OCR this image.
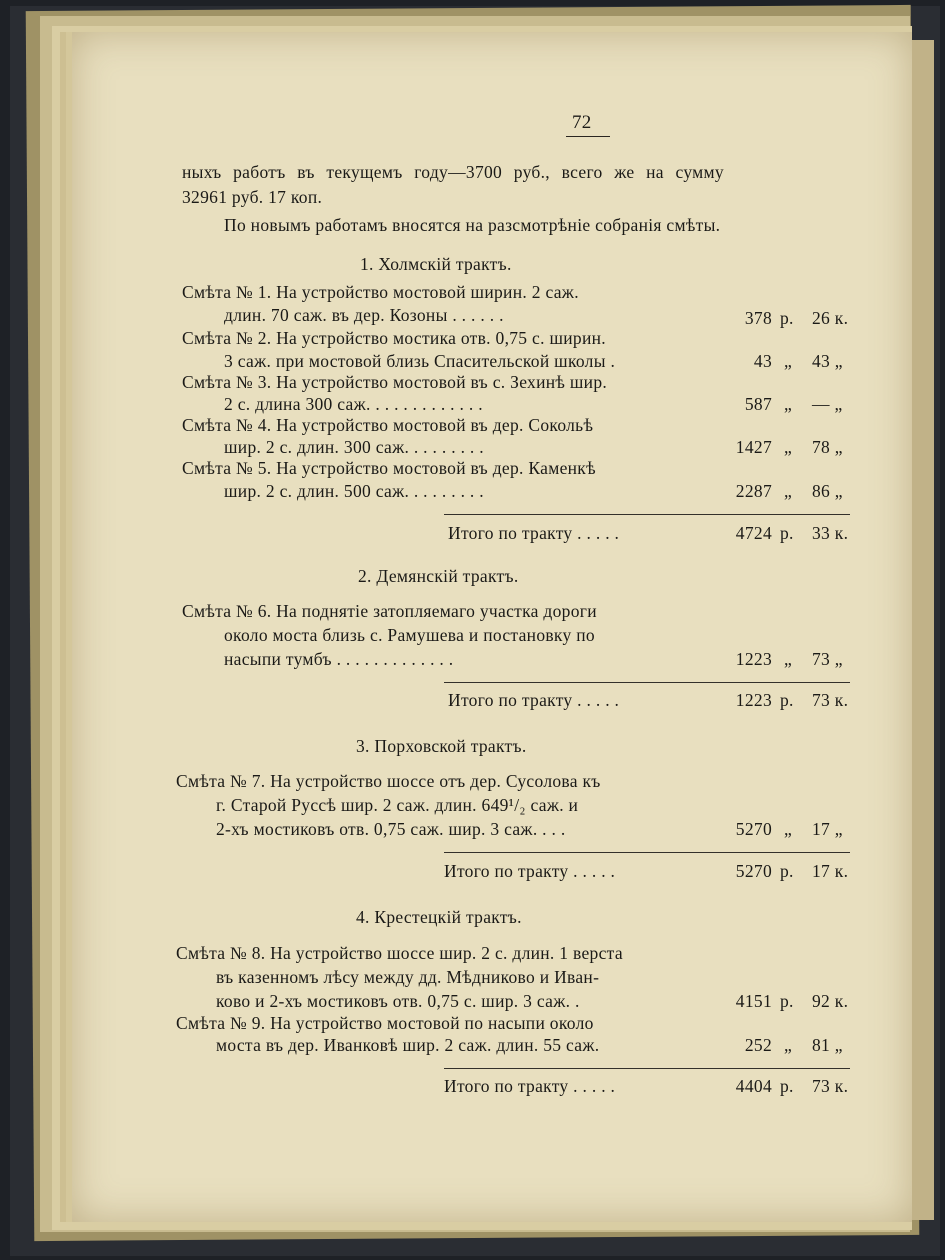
72
ныхъ работъ въ текущемъ году—3700 руб., всего же на сумму
32961 руб. 17 коп.
По новымъ работамъ вносятся на разсмотрѣніе собранія смѣты.
1. Холмскій трактъ.
Смѣта № 1. На устройство мостовой ширин. 2 саж.
длин. 70 саж. въ дер. Козоны . . . . . .	378 р. 26 к.
Смѣта № 2. На устройство мостика отв. 0,75 с. ширин.
3 саж. при мостовой близь Спасительской школы .	43 „ 43 „
Смѣта № 3. На устройство мостовой въ с. Зехинѣ шир.
2 с. длина 300 саж. . . . . . . . . . . . .	587 „ — „
Смѣта № 4. На устройство мостовой въ дер. Сокольѣ
шир. 2 с. длин. 300 саж. . . . . . . . .	1427 „ 78 „
Смѣта № 5. На устройство мостовой въ дер. Каменкѣ
шир. 2 с. длин. 500 саж. . . . . . . . .	2287 „ 86 „
Итого по тракту . . . . .	4724 р. 33 к.
2. Демянскій трактъ.
Смѣта № 6. На поднятіе затопляемаго участка дороги
около моста близь с. Рамушева и постановку по
насыпи тумбъ . . . . . . . . . . . . .	1223 „ 73 „
Итого по тракту . . . . .	1223 р. 73 к.
3. Порховской трактъ.
Смѣта № 7. На устройство шоссе отъ дер. Сусолова къ
г. Старой Руссѣ шир. 2 саж. длин. 649¹/₂ саж. и
2-хъ мостиковъ отв. 0,75 саж. шир. 3 саж. . . .	5270 „ 17 „
Итого по тракту . . . . .	5270 р. 17 к.
4. Крестецкій трактъ.
Смѣта № 8. На устройство шоссе шир. 2 с. длин. 1 верста
въ казенномъ лѣсу между дд. Мѣдниково и Иван-
ково и 2-хъ мостиковъ отв. 0,75 с. шир. 3 саж. .	4151 р. 92 к.
Смѣта № 9. На устройство мостовой по насыпи около
моста въ дер. Иванковѣ шир. 2 саж. длин. 55 саж.	252 „ 81 „
Итого по тракту . . . . .	4404 р. 73 к.
